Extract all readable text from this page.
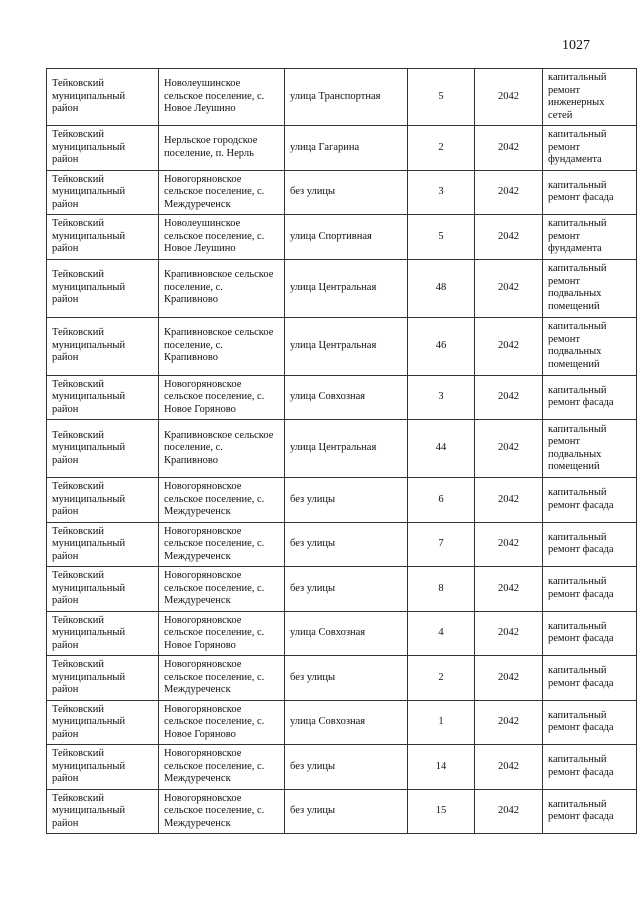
1027
Тейковский муниципальный район	Новолеушинское сельское поселение, с. Новое Леушино	улица Транспортная	5	2042	капитальный ремонт инженерных сетей
Тейковский муниципальный район	Нерльское городское поселение, п. Нерль	улица Гагарина	2	2042	капитальный ремонт фундамента
Тейковский муниципальный район	Новогоряновское сельское поселение, с. Междуреченск	без улицы	3	2042	капитальный ремонт фасада
Тейковский муниципальный район	Новолеушинское сельское поселение, с. Новое Леушино	улица Спортивная	5	2042	капитальный ремонт фундамента
Тейковский муниципальный район	Крапивновское сельское поселение, с. Крапивново	улица Центральная	48	2042	капитальный ремонт подвальных помещений
Тейковский муниципальный район	Крапивновское сельское поселение, с. Крапивново	улица Центральная	46	2042	капитальный ремонт подвальных помещений
Тейковский муниципальный район	Новогоряновское сельское поселение, с. Новое Горяново	улица Совхозная	3	2042	капитальный ремонт фасада
Тейковский муниципальный район	Крапивновское сельское поселение, с. Крапивново	улица Центральная	44	2042	капитальный ремонт подвальных помещений
Тейковский муниципальный район	Новогоряновское сельское поселение, с. Междуреченск	без улицы	6	2042	капитальный ремонт фасада
Тейковский муниципальный район	Новогоряновское сельское поселение, с. Междуреченск	без улицы	7	2042	капитальный ремонт фасада
Тейковский муниципальный район	Новогоряновское сельское поселение, с. Междуреченск	без улицы	8	2042	капитальный ремонт фасада
Тейковский муниципальный район	Новогоряновское сельское поселение, с. Новое Горяново	улица Совхозная	4	2042	капитальный ремонт фасада
Тейковский муниципальный район	Новогоряновское сельское поселение, с. Междуреченск	без улицы	2	2042	капитальный ремонт фасада
Тейковский муниципальный район	Новогоряновское сельское поселение, с. Новое Горяново	улица Совхозная	1	2042	капитальный ремонт фасада
Тейковский муниципальный район	Новогоряновское сельское поселение, с. Междуреченск	без улицы	14	2042	капитальный ремонт фасада
Тейковский муниципальный район	Новогоряновское сельское поселение, с. Междуреченск	без улицы	15	2042	капитальный ремонт фасада
